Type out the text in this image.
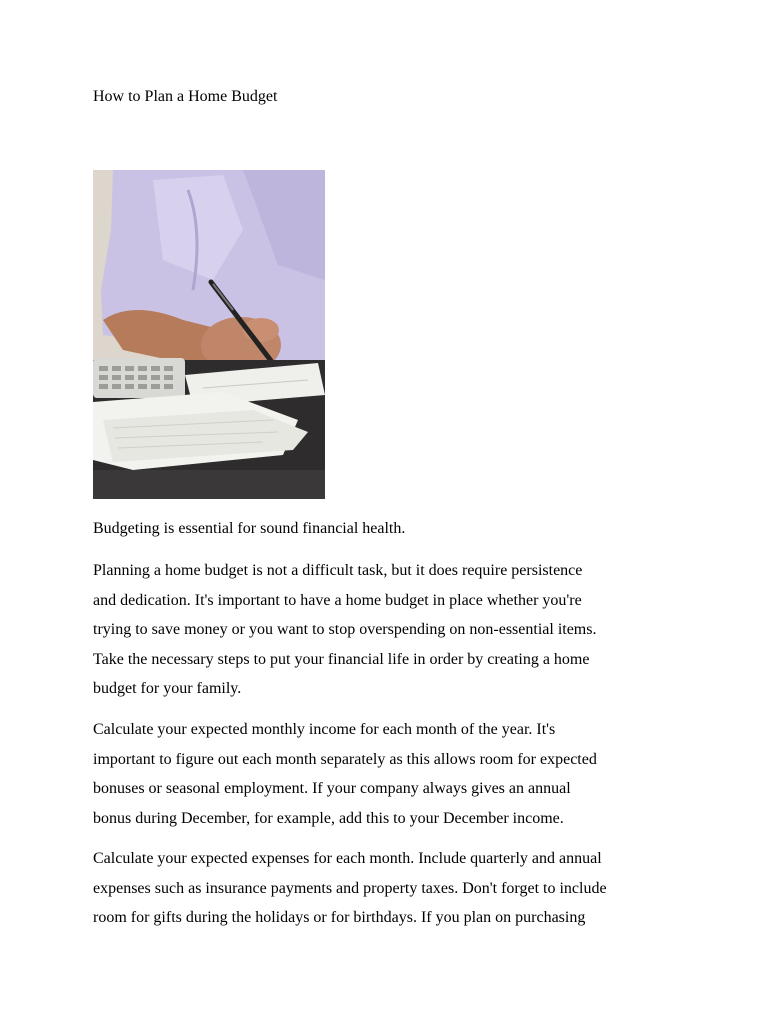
How to Plan a Home Budget
Budgeting is essential for sound financial health.
Planning a home budget is not a difficult task, but it does require persistence
and dedication. It's important to have a home budget in place whether you're
trying to save money or you want to stop overspending on non-essential items.
Take the necessary steps to put your financial life in order by creating a home
budget for your family.
Calculate your expected monthly income for each month of the year. It's
important to figure out each month separately as this allows room for expected
bonuses or seasonal employment. If your company always gives an annual
bonus during December, for example, add this to your December income.
Calculate your expected expenses for each month. Include quarterly and annual
expenses such as insurance payments and property taxes. Don't forget to include
room for gifts during the holidays or for birthdays. If you plan on purchasing
